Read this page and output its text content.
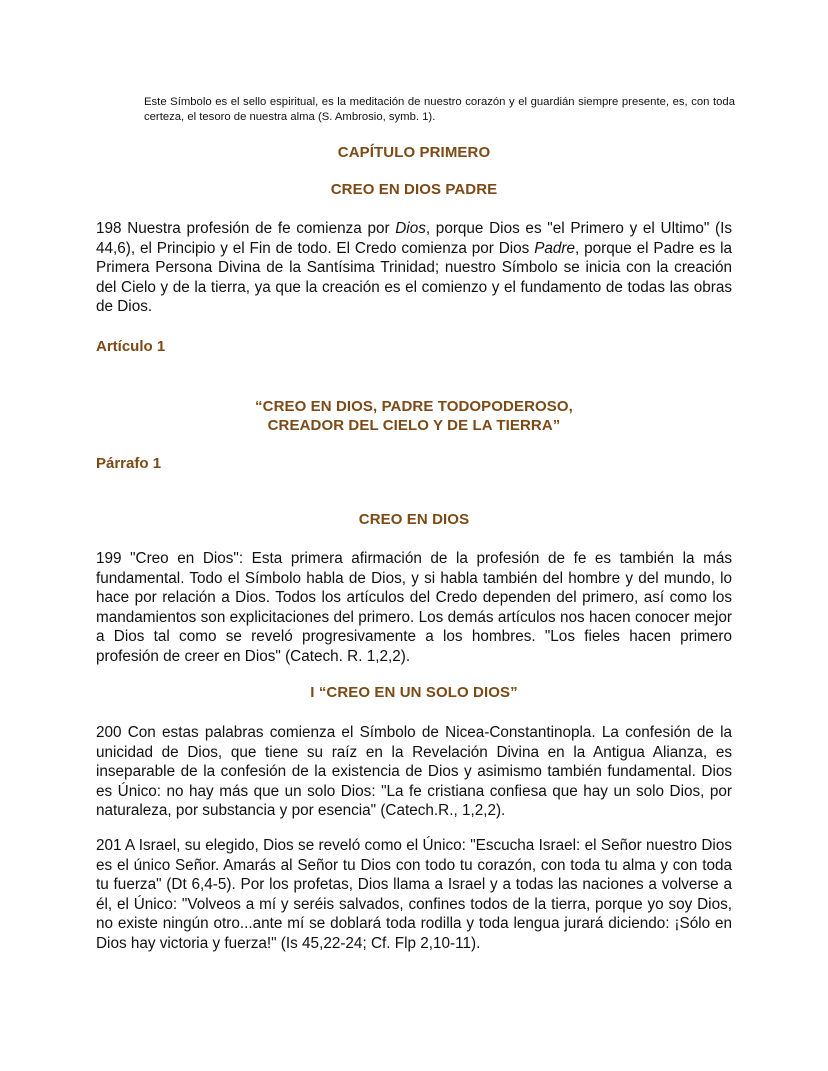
Este Símbolo es el sello espiritual, es la meditación de nuestro corazón y el guardián siempre presente, es, con toda certeza, el tesoro de nuestra alma (S. Ambrosio, symb. 1).

CAPÍTULO PRIMERO
CREO EN DIOS PADRE

198 Nuestra profesión de fe comienza por Dios, porque Dios es "el Primero y el Ultimo" (Is 44,6), el Principio y el Fin de todo. El Credo comienza por Dios Padre, porque el Padre es la Primera Persona Divina de la Santísima Trinidad; nuestro Símbolo se inicia con la creación del Cielo y de la tierra, ya que la creación es el comienzo y el fundamento de todas las obras de Dios.

Artículo 1
“CREO EN DIOS, PADRE TODOPODEROSO,
CREADOR DEL CIELO Y DE LA TIERRA”
Párrafo 1
CREO EN DIOS

199 "Creo en Dios": Esta primera afirmación de la profesión de fe es también la más fundamental. Todo el Símbolo habla de Dios, y si habla también del hombre y del mundo, lo hace por relación a Dios. Todos los artículos del Credo dependen del primero, así como los mandamientos son explicitaciones del primero. Los demás artículos nos hacen conocer mejor a Dios tal como se reveló progresivamente a los hombres. "Los fieles hacen primero profesión de creer en Dios" (Catech. R. 1,2,2).

I “CREO EN UN SOLO DIOS”

200 Con estas palabras comienza el Símbolo de Nicea-Constantinopla. La confesión de la unicidad de Dios, que tiene su raíz en la Revelación Divina en la Antigua Alianza, es inseparable de la confesión de la existencia de Dios y asimismo también fundamental. Dios es Único: no hay más que un solo Dios: "La fe cristiana confiesa que hay un solo Dios, por naturaleza, por substancia y por esencia" (Catech.R., 1,2,2).

201 A Israel, su elegido, Dios se reveló como el Único: "Escucha Israel: el Señor nuestro Dios es el único Señor. Amarás al Señor tu Dios con todo tu corazón, con toda tu alma y con toda tu fuerza" (Dt 6,4-5). Por los profetas, Dios llama a Israel y a todas las naciones a volverse a él, el Único: "Volveos a mí y seréis salvados, confines todos de la tierra, porque yo soy Dios, no existe ningún otro...ante mí se doblará toda rodilla y toda lengua jurará diciendo: ¡Sólo en Dios hay victoria y fuerza!" (Is 45,22-24; Cf. Flp 2,10-11).
